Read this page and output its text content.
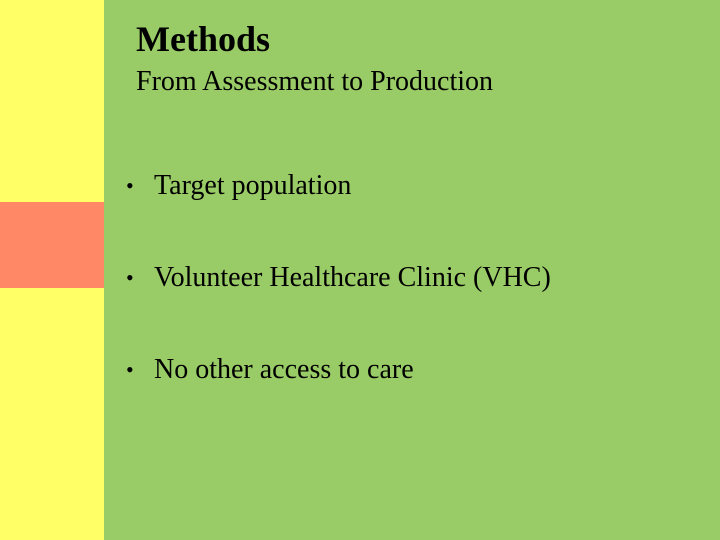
Methods
From Assessment to Production
• Target population
• Volunteer Healthcare Clinic (VHC)
• No other access to care
